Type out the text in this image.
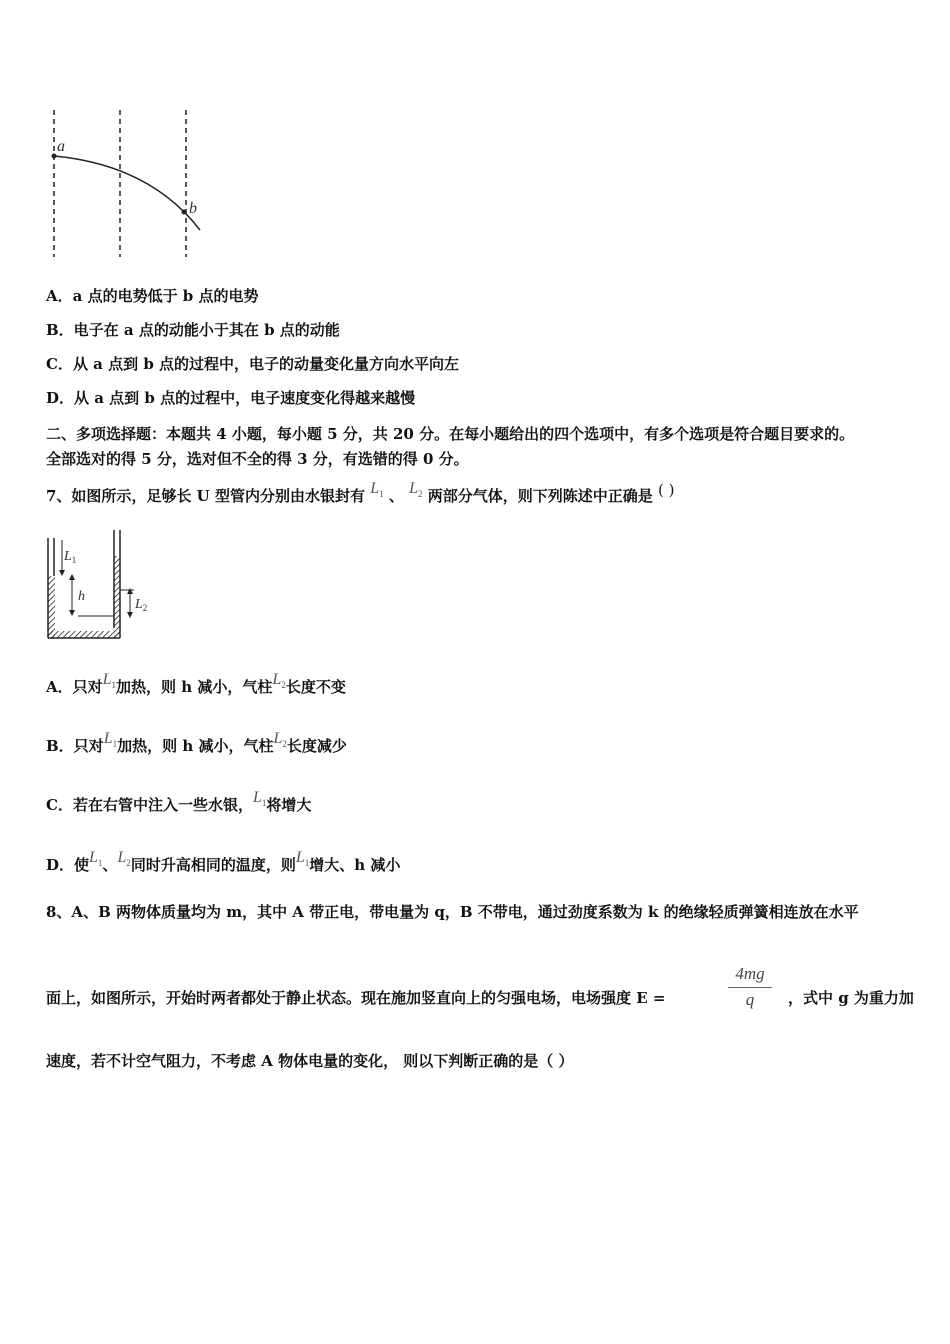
a
b
A．a 点的电势低于 b 点的电势
B．电子在 a 点的动能小于其在 b 点的动能
C．从 a 点到 b 点的过程中，电子的动量变化量方向水平向左
D．从 a 点到 b 点的过程中，电子速度变化得越来越慢
二、多项选择题：本题共 4 小题，每小题 5 分，共 20 分。在每小题给出的四个选项中，有多个选项是符合题目要求的。
全部选对的得 5 分，选对但不全的得 3 分，有选错的得 0 分。
7、如图所示，足够长 U 型管内分别由水银封有 $L_1$ 、 $L_2$ 两部分气体，则下列陈述中正确是 ( )
$L_1$
h
$L_2$
A．只对$L_1$加热，则 h 减小，气柱$L_2$长度不变
B．只对$L_1$加热，则 h 减小，气柱$L_2$长度减少
C．若在右管中注入一些水银，$L_1$将增大
D．使$L_1$、$L_2$同时升高相同的温度，则$L_1$增大、h 减小
8、A、B 两物体质量均为 m，其中 A 带正电，带电量为 q，B 不带电，通过劲度系数为 k 的绝缘轻质弹簧相连放在水平
面上，如图所示，开始时两者都处于静止状态。现在施加竖直向上的匀强电场，电场强度 E =
4mg
q	，式中 g 为重力加
速度，若不计空气阻力，不考虑 A 物体电量的变化， 则以下判断正确的是（ ）
